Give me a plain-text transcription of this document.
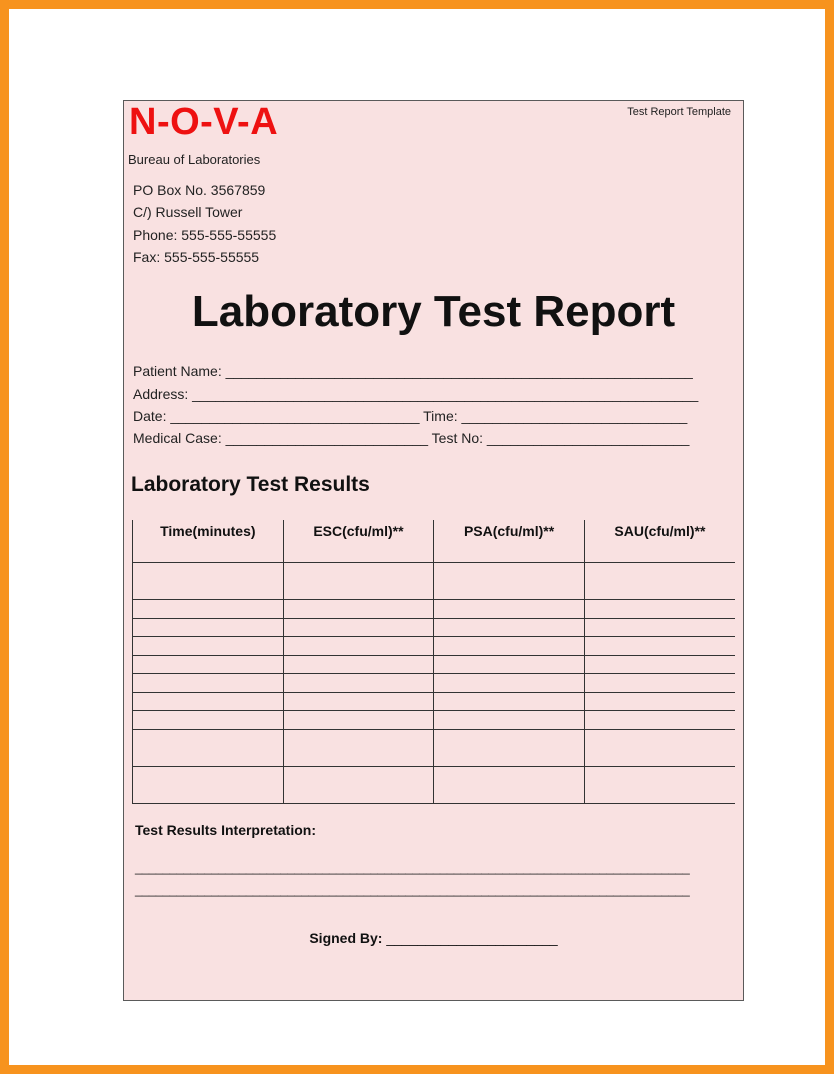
N-O-V-A	Test Report Template
Bureau of Laboratories
PO Box No. 3567859
C/) Russell Tower
Phone: 555-555-55555
Fax: 555-555-55555
Laboratory Test Report
Patient Name: ____________________________________________________________
Address: _________________________________________________________________
Date: ________________________________ Time: _____________________________
Medical Case: __________________________ Test No: __________________________
Laboratory Test Results
Time(minutes)	ESC(cfu/ml)**	PSA(cfu/ml)**	SAU(cfu/ml)**

Test Results Interpretation:
________________________________________________________________________________
________________________________________________________________________________
Signed By: ______________________
